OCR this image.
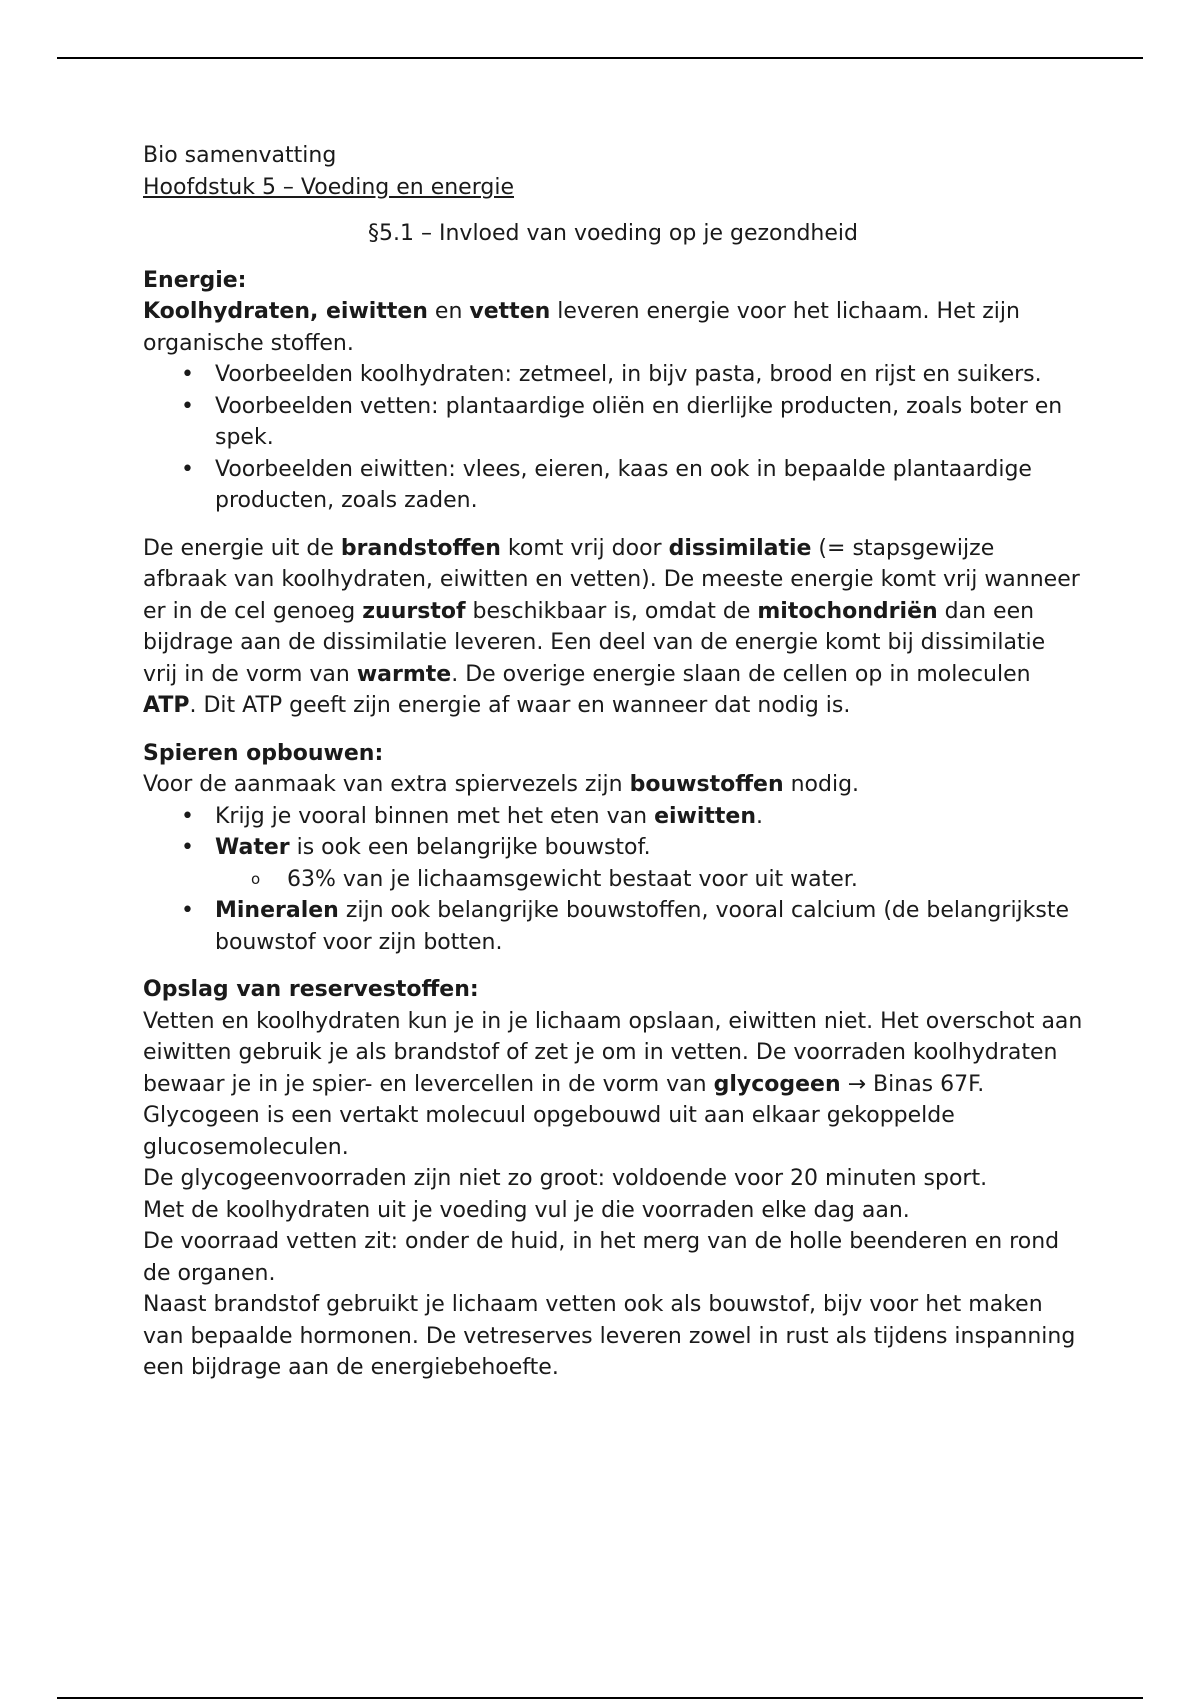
Bio samenvatting

Hoofdstuk 5 – Voeding en energie

§5.1 – Invloed van voeding op je gezondheid

Energie:

Koolhydraten, eiwitten en vetten leveren energie voor het lichaam. Het zijn organische stoffen.

• Voorbeelden koolhydraten: zetmeel, in bijv pasta, brood en rijst en suikers.
• Voorbeelden vetten: plantaardige oliën en dierlijke producten, zoals boter en spek.
• Voorbeelden eiwitten: vlees, eieren, kaas en ook in bepaalde plantaardige producten, zoals zaden.

De energie uit de brandstoffen komt vrij door dissimilatie (= stapsgewijze afbraak van koolhydraten, eiwitten en vetten). De meeste energie komt vrij wanneer er in de cel genoeg zuurstof beschikbaar is, omdat de mitochondriën dan een bijdrage aan de dissimilatie leveren. Een deel van de energie komt bij dissimilatie vrij in de vorm van warmte. De overige energie slaan de cellen op in moleculen ATP. Dit ATP geeft zijn energie af waar en wanneer dat nodig is.

Spieren opbouwen:

Voor de aanmaak van extra spiervezels zijn bouwstoffen nodig.

• Krijg je vooral binnen met het eten van eiwitten.
• Water is ook een belangrijke bouwstof.
o 63% van je lichaamsgewicht bestaat voor uit water.
• Mineralen zijn ook belangrijke bouwstoffen, vooral calcium (de belangrijkste bouwstof voor zijn botten.

Opslag van reservestoffen:

Vetten en koolhydraten kun je in je lichaam opslaan, eiwitten niet. Het overschot aan eiwitten gebruik je als brandstof of zet je om in vetten. De voorraden koolhydraten bewaar je in je spier- en levercellen in de vorm van glycogeen → Binas 67F.

Glycogeen is een vertakt molecuul opgebouwd uit aan elkaar gekoppelde glucosemoleculen.

De glycogeenvoorraden zijn niet zo groot: voldoende voor 20 minuten sport.

Met de koolhydraten uit je voeding vul je die voorraden elke dag aan.

De voorraad vetten zit: onder de huid, in het merg van de holle beenderen en rond de organen.

Naast brandstof gebruikt je lichaam vetten ook als bouwstof, bijv voor het maken van bepaalde hormonen. De vetreserves leveren zowel in rust als tijdens inspanning een bijdrage aan de energiebehoefte.
